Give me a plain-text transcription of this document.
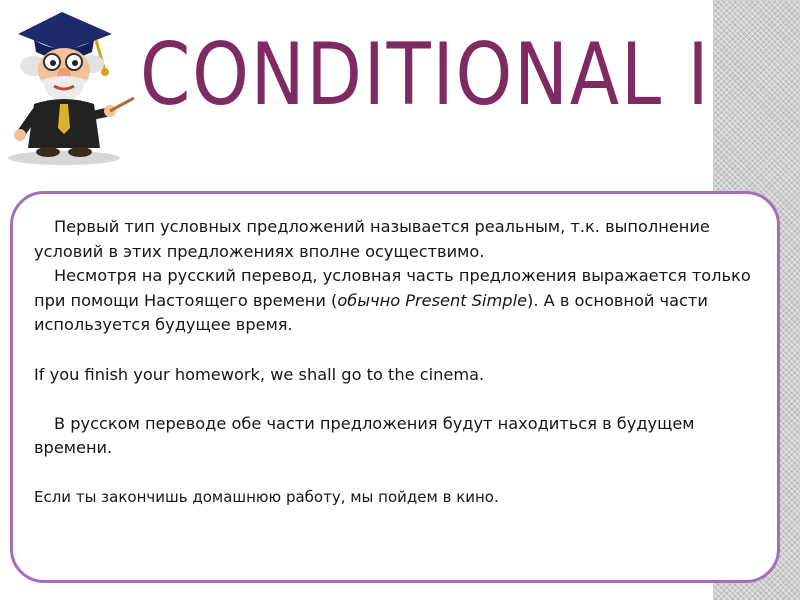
CONDITIONAL I

Первый тип условных предложений называется реальным, т.к. выполнение условий в этих предложениях вполне осуществимо.

Несмотря на русский перевод, условная часть предложения выражается только при помощи Настоящего времени (обычно Present Simple). А в основной части используется будущее время.

If you finish your homework, we shall go to the cinema.

В русском переводе обе части предложения будут находиться в будущем времени.

Если ты закончишь домашнюю работу, мы пойдем в кино.
